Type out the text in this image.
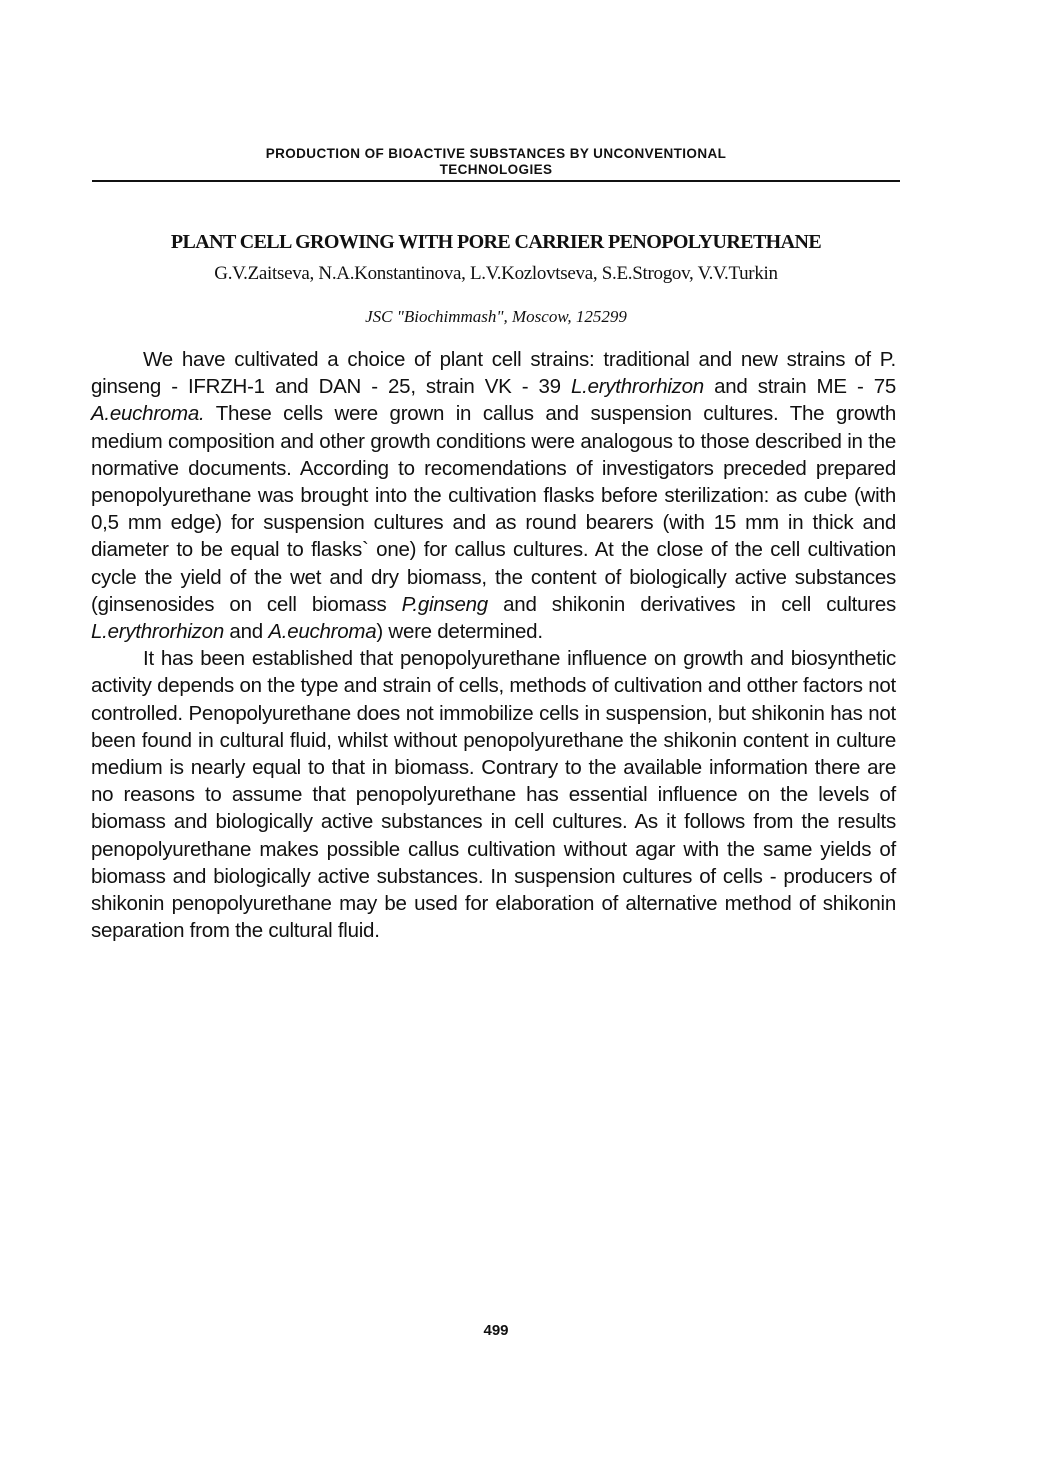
PRODUCTION OF BIOACTIVE SUBSTANCES BY UNCONVENTIONAL
TECHNOLOGIES
PLANT CELL GROWING WITH PORE CARRIER PENOPOLYURETHANE
G.V.Zaitseva, N.A.Konstantinova, L.V.Kozlovtseva, S.E.Strogov, V.V.Turkin
JSC "Biochimmash", Moscow, 125299

We have cultivated a choice of plant cell strains: traditional and new strains of P. ginseng - IFRZH-1 and DAN - 25, strain VK - 39 L.erythrorhizon and strain ME - 75 A.euchroma. These cells were grown in callus and suspension cultures. The growth medium composition and other growth conditions were analogous to those described in the normative documents. According to recomendations of investigators preceded prepared penopolyurethane was brought into the cultivation flasks before sterilization: as cube (with 0,5 mm edge) for suspension cultures and as round bearers (with 15 mm in thick and diameter to be equal to flasks` one) for callus cultures. At the close of the cell cultivation cycle the yield of the wet and dry biomass, the content of biologically active substances (ginsenosides on cell biomass P.ginseng and shikonin derivatives in cell cultures L.erythrorhizon and A.euchroma) were determined.

It has been established that penopolyurethane influence on growth and biosynthetic activity depends on the type and strain of cells, methods of cultivation and otther factors not controlled. Penopolyurethane does not immobilize cells in suspension, but shikonin has not been found in cultural fluid, whilst without penopolyurethane the shikonin content in culture medium is nearly equal to that in biomass. Contrary to the available information there are no reasons to assume that penopolyurethane has essential influence on the levels of biomass and biologically active substances in cell cultures. As it follows from the results penopolyurethane makes possible callus cultivation without agar with the same yields of biomass and biologically active substances. In suspension cultures of cells - producers of shikonin penopolyurethane may be used for elaboration of alternative method of shikonin separation from the cultural fluid.

499
